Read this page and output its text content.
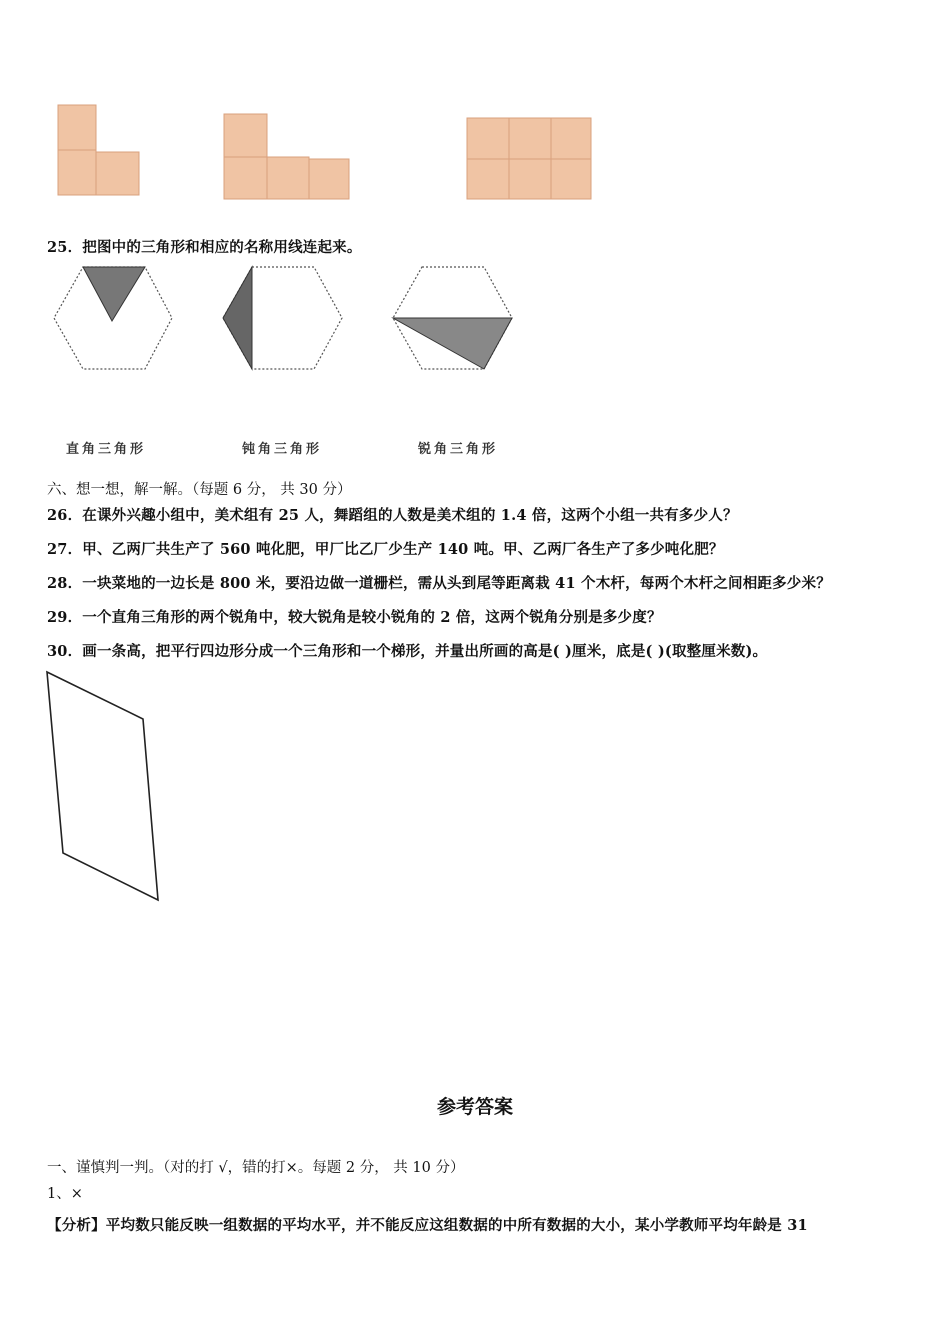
25．把图中的三角形和相应的名称用线连起来。
直角三角形	钝角三角形	锐角三角形
六、想一想，解一解。（每题 6 分， 共 30 分）
26．在课外兴趣小组中，美术组有 25 人，舞蹈组的人数是美术组的 1.4 倍，这两个小组一共有多少人？
27．甲、乙两厂共生产了 560 吨化肥，甲厂比乙厂少生产 140 吨。甲、乙两厂各生产了多少吨化肥？
28．一块菜地的一边长是 800 米，要沿边做一道栅栏，需从头到尾等距离栽 41 个木杆，每两个木杆之间相距多少米？
29．一个直角三角形的两个锐角中，较大锐角是较小锐角的 2 倍，这两个锐角分别是多少度？
30．画一条高，把平行四边形分成一个三角形和一个梯形，并量出所画的高是( )厘米，底是( )(取整厘米数)。
参考答案
一、谨慎判一判。（对的打 √，错的打×。每题 2 分， 共 10 分）
1、×
【分析】平均数只能反映一组数据的平均水平，并不能反应这组数据的中所有数据的大小，某小学教师平均年龄是 31
